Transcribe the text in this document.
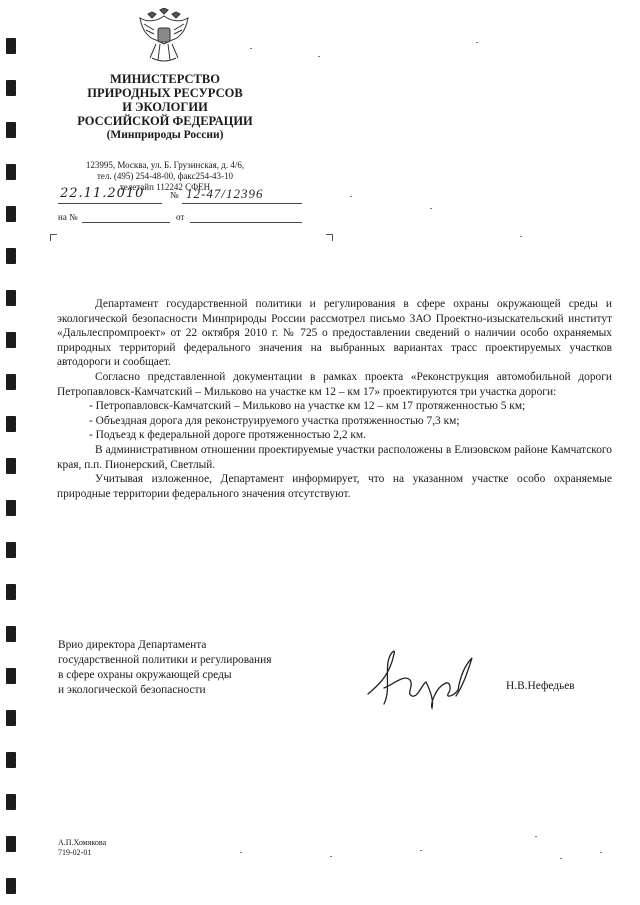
МИНИСТЕРСТВО
ПРИРОДНЫХ РЕСУРСОВ
И ЭКОЛОГИИ
РОССИЙСКОЙ ФЕДЕРАЦИИ
(Минприроды России)
123995, Москва, ул. Б. Грузинская, д. 4/6,
тел. (495) 254-48-00, факс254-43-10
телетайп 112242 СФЕН
22.11.2010	№ 12-47/12396
на №	от

Департамент государственной политики и регулирования в сфере охраны окружающей среды и экологической безопасности Минприроды России рассмотрел письмо ЗАО Проектно-изыскательский институт «Дальлеспромпроект» от 22 октября 2010 г. № 725 о предоставлении сведений о наличии особо охраняемых природных территорий федерального значения на выбранных вариантах трасс проектируемых участков автодороги и сообщает.

Согласно представленной документации в рамках проекта «Реконструкция автомобильной дороги Петропавловск-Камчатский – Мильково на участке км 12 – км 17» проектируются три участка дороги:

- Петропавловск-Камчатский – Мильково на участке км 12 – км 17 протяженностью 5 км;

- Объездная дорога для реконструируемого участка протяженностью 7,3 км;

- Подъезд к федеральной дороге протяженностью 2,2 км.

В административном отношении проектируемые участки расположены в Елизовском районе Камчатского края, п.п. Пионерский, Светлый.

Учитывая изложенное, Департамент информирует, что на указанном участке особо охраняемые природные территории федерального значения отсутствуют.

Врио директора Департамента
государственной политики и регулирования
в сфере охраны окружающей среды
и экологической безопасности	Н.В.Нефедьев
А.П.Хомякова
719-02-01
